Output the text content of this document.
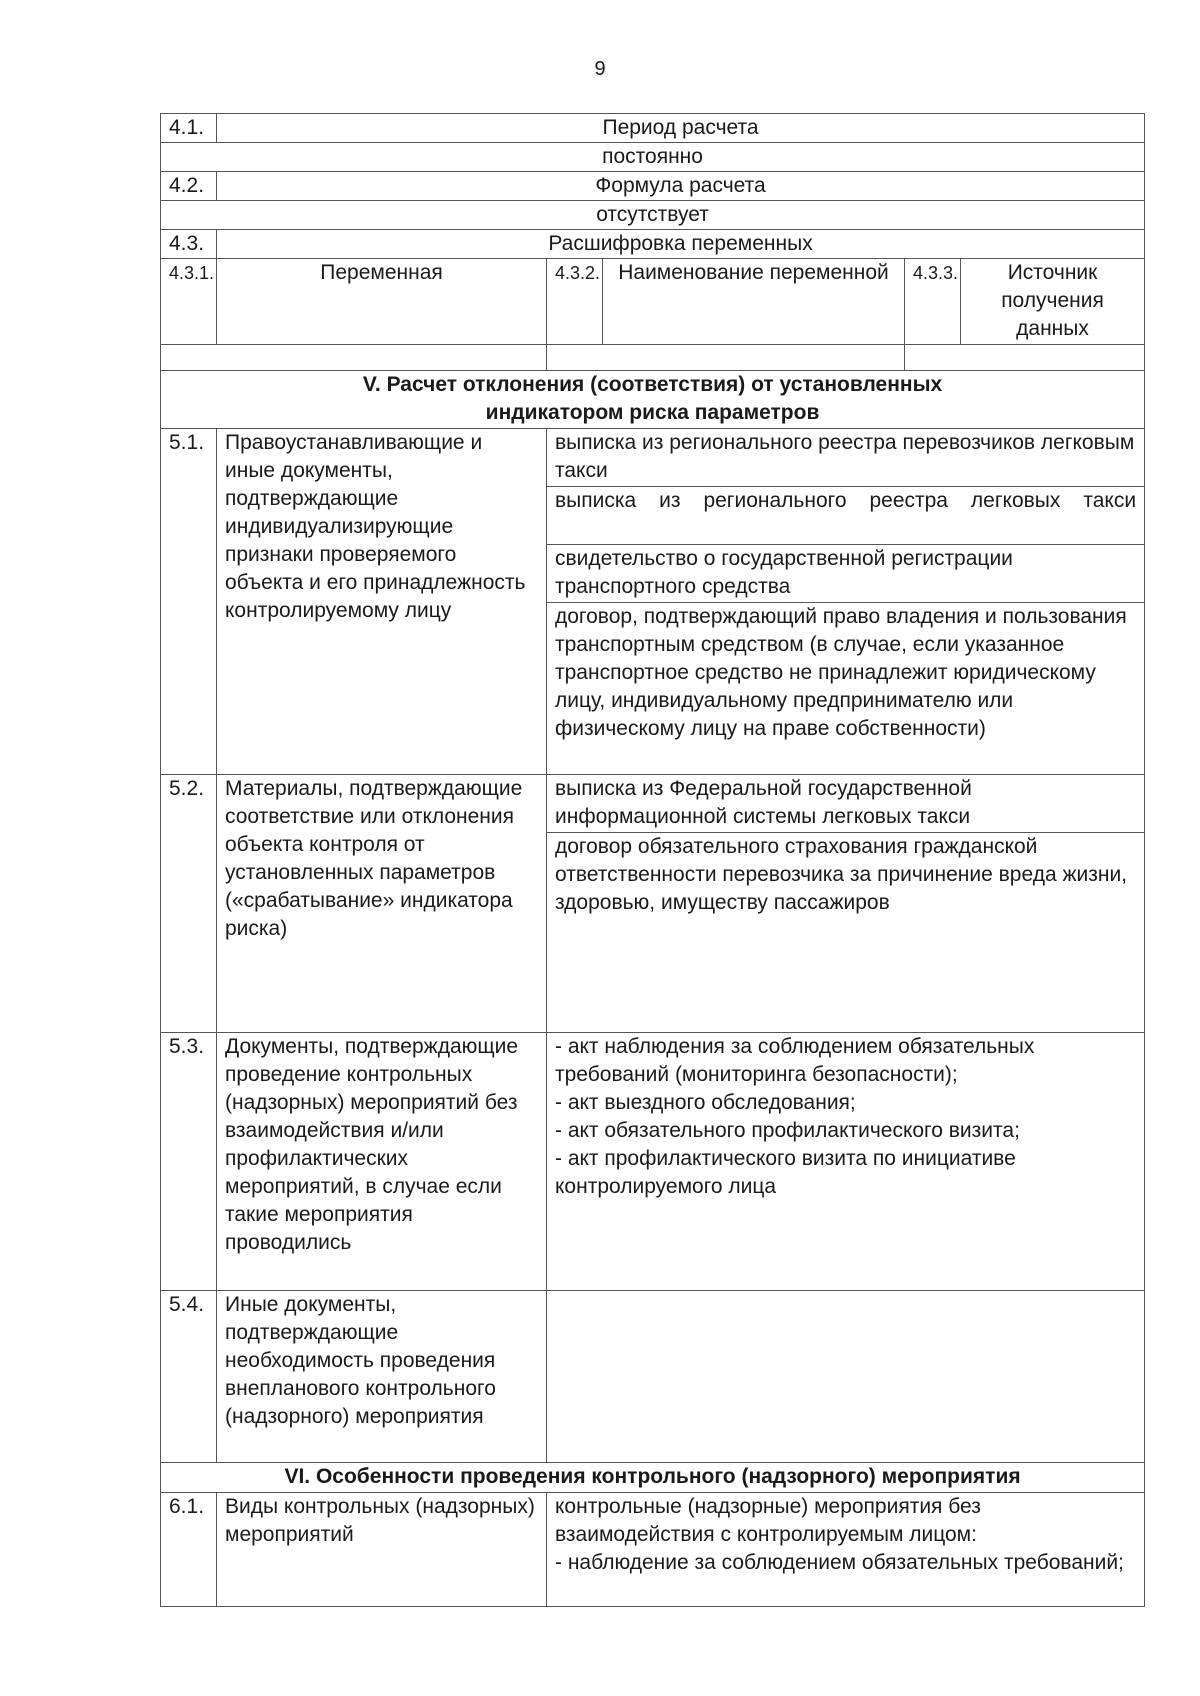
9
4.1.	Период расчета				
постоянно					
4.2.	Формула расчета				
отсутствует					
4.3.	Расшифровка переменных				
4.3.1.	Переменная	4.3.2.	Наименование переменной	4.3.3.	Источник получения данных

V. Расчет отклонения (соответствия) от установленных индикатором риска параметров					
5.1.	Правоустанавливающие и иные документы, подтверждающие индивидуализирующие признаки проверяемого объекта и его принадлежность контролируемому лицу	выписка из регионального реестра перевозчиков легковым такси			
		выписка из регионального реестра легковых такси			
		свидетельство о государственной регистрации транспортного средства			
		договор, подтверждающий право владения и пользования транспортным средством (в случае, если указанное транспортное средство не принадлежит юридическому лицу, индивидуальному предпринимателю или физическому лицу на праве собственности)			
5.2.	Материалы, подтверждающие соответствие или отклонения объекта контроля от установленных параметров («срабатывание» индикатора риска)	выписка из Федеральной государственной информационной системы легковых такси			
		договор обязательного страхования гражданской ответственности перевозчика за причинение вреда жизни, здоровью, имуществу пассажиров			
5.3.	Документы, подтверждающие проведение контрольных (надзорных) мероприятий без взаимодействия и/или профилактических мероприятий, в случае если такие мероприятия проводились	- акт наблюдения за соблюдением обязательных требований (мониторинга безопасности);
- акт выездного обследования;
- акт обязательного профилактического визита;
- акт профилактического визита по инициативе контролируемого лица			
5.4.	Иные документы, подтверждающие необходимость проведения внепланового контрольного (надзорного) мероприятия				
VI. Особенности проведения контрольного (надзорного) мероприятия					
6.1.	Виды контрольных (надзорных) мероприятий	контрольные (надзорные) мероприятия без взаимодействия с контролируемым лицом:
- наблюдение за соблюдением обязательных требований;			
